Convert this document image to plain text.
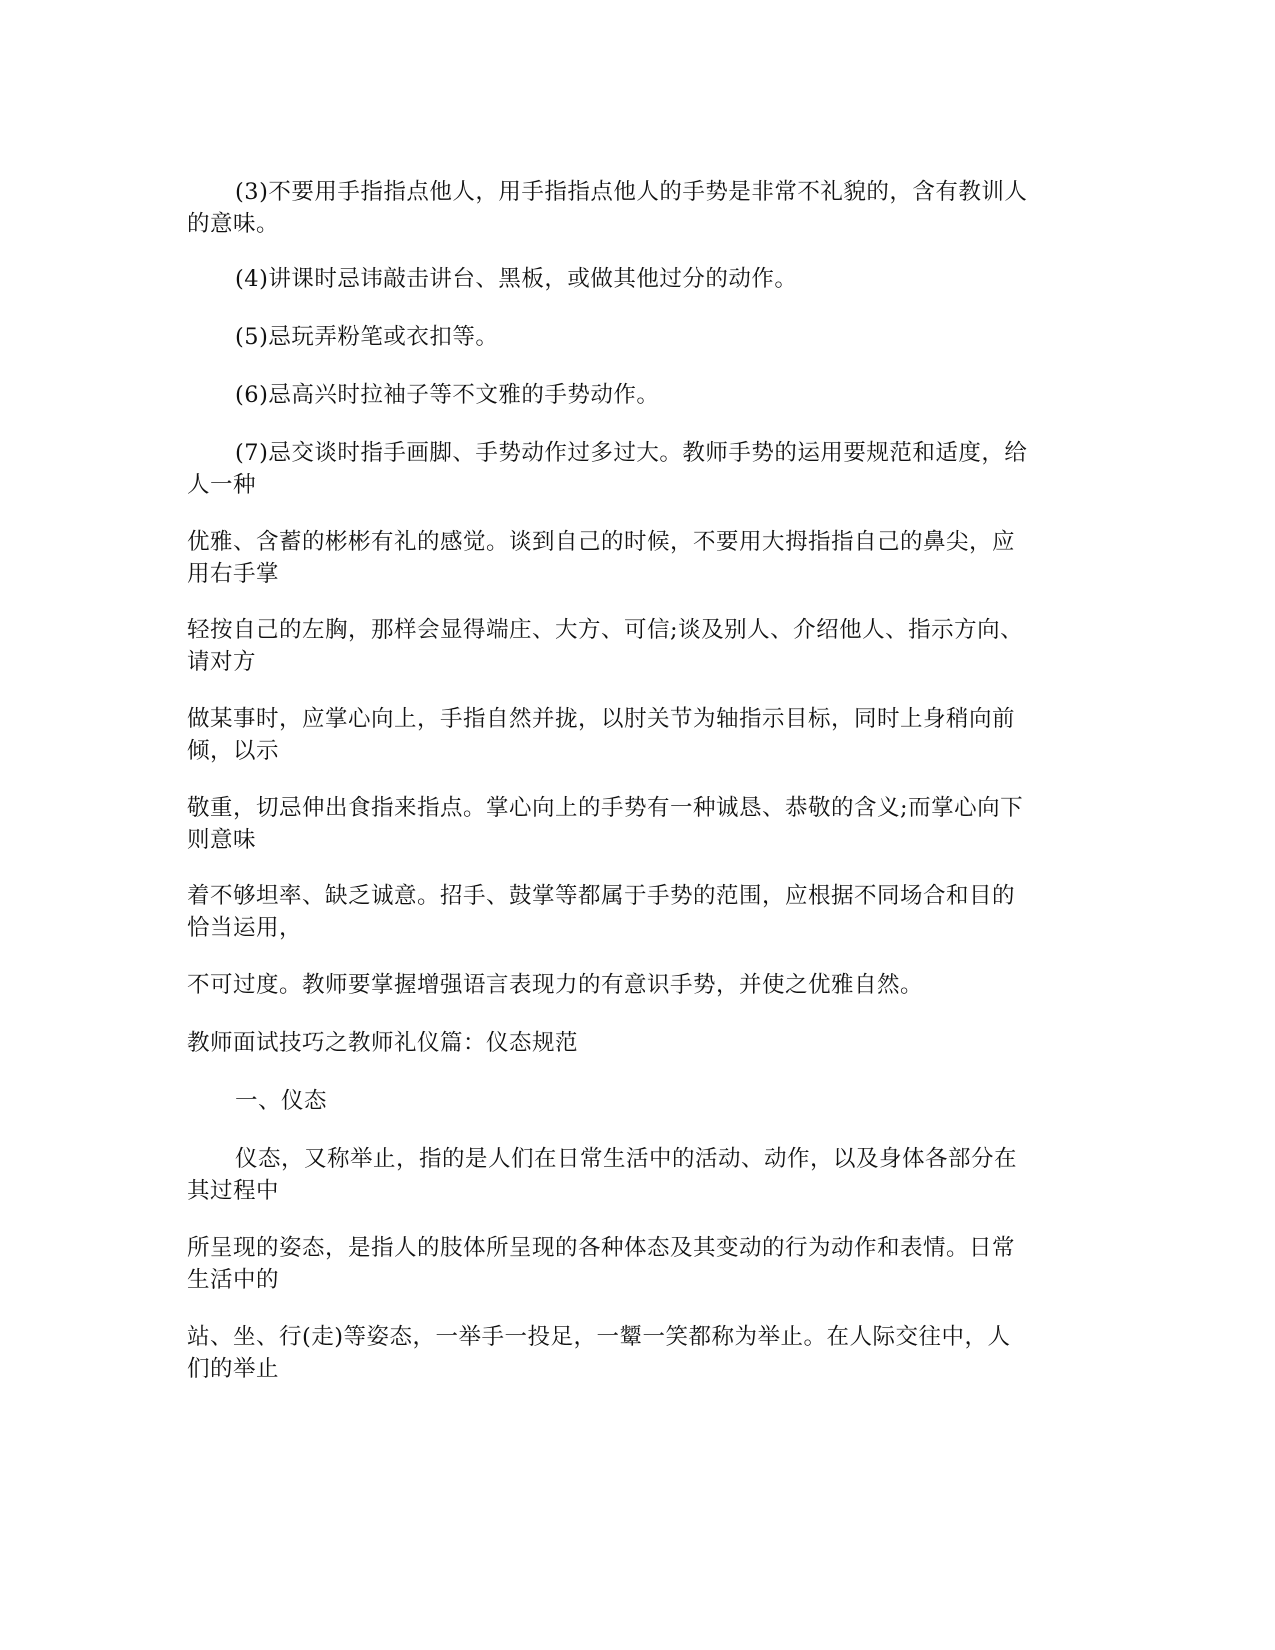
(3)不要用手指指点他人，用手指指点他人的手势是非常不礼貌的，含有教训人
的意味。

(4)讲课时忌讳敲击讲台、黑板，或做其他过分的动作。

(5)忌玩弄粉笔或衣扣等。

(6)忌高兴时拉袖子等不文雅的手势动作。

(7)忌交谈时指手画脚、手势动作过多过大。教师手势的运用要规范和适度，给
人一种

优雅、含蓄的彬彬有礼的感觉。谈到自己的时候，不要用大拇指指自己的鼻尖，应
用右手掌

轻按自己的左胸，那样会显得端庄、大方、可信;谈及别人、介绍他人、指示方向、
请对方

做某事时，应掌心向上，手指自然并拢，以肘关节为轴指示目标，同时上身稍向前
倾，以示

敬重，切忌伸出食指来指点。掌心向上的手势有一种诚恳、恭敬的含义;而掌心向下
则意味

着不够坦率、缺乏诚意。招手、鼓掌等都属于手势的范围，应根据不同场合和目的
恰当运用，

不可过度。教师要掌握增强语言表现力的有意识手势，并使之优雅自然。

教师面试技巧之教师礼仪篇：仪态规范

一、仪态

仪态，又称举止，指的是人们在日常生活中的活动、动作，以及身体各部分在
其过程中

所呈现的姿态，是指人的肢体所呈现的各种体态及其变动的行为动作和表情。日常
生活中的

站、坐、行(走)等姿态，一举手一投足，一颦一笑都称为举止。在人际交往中，人
们的举止
